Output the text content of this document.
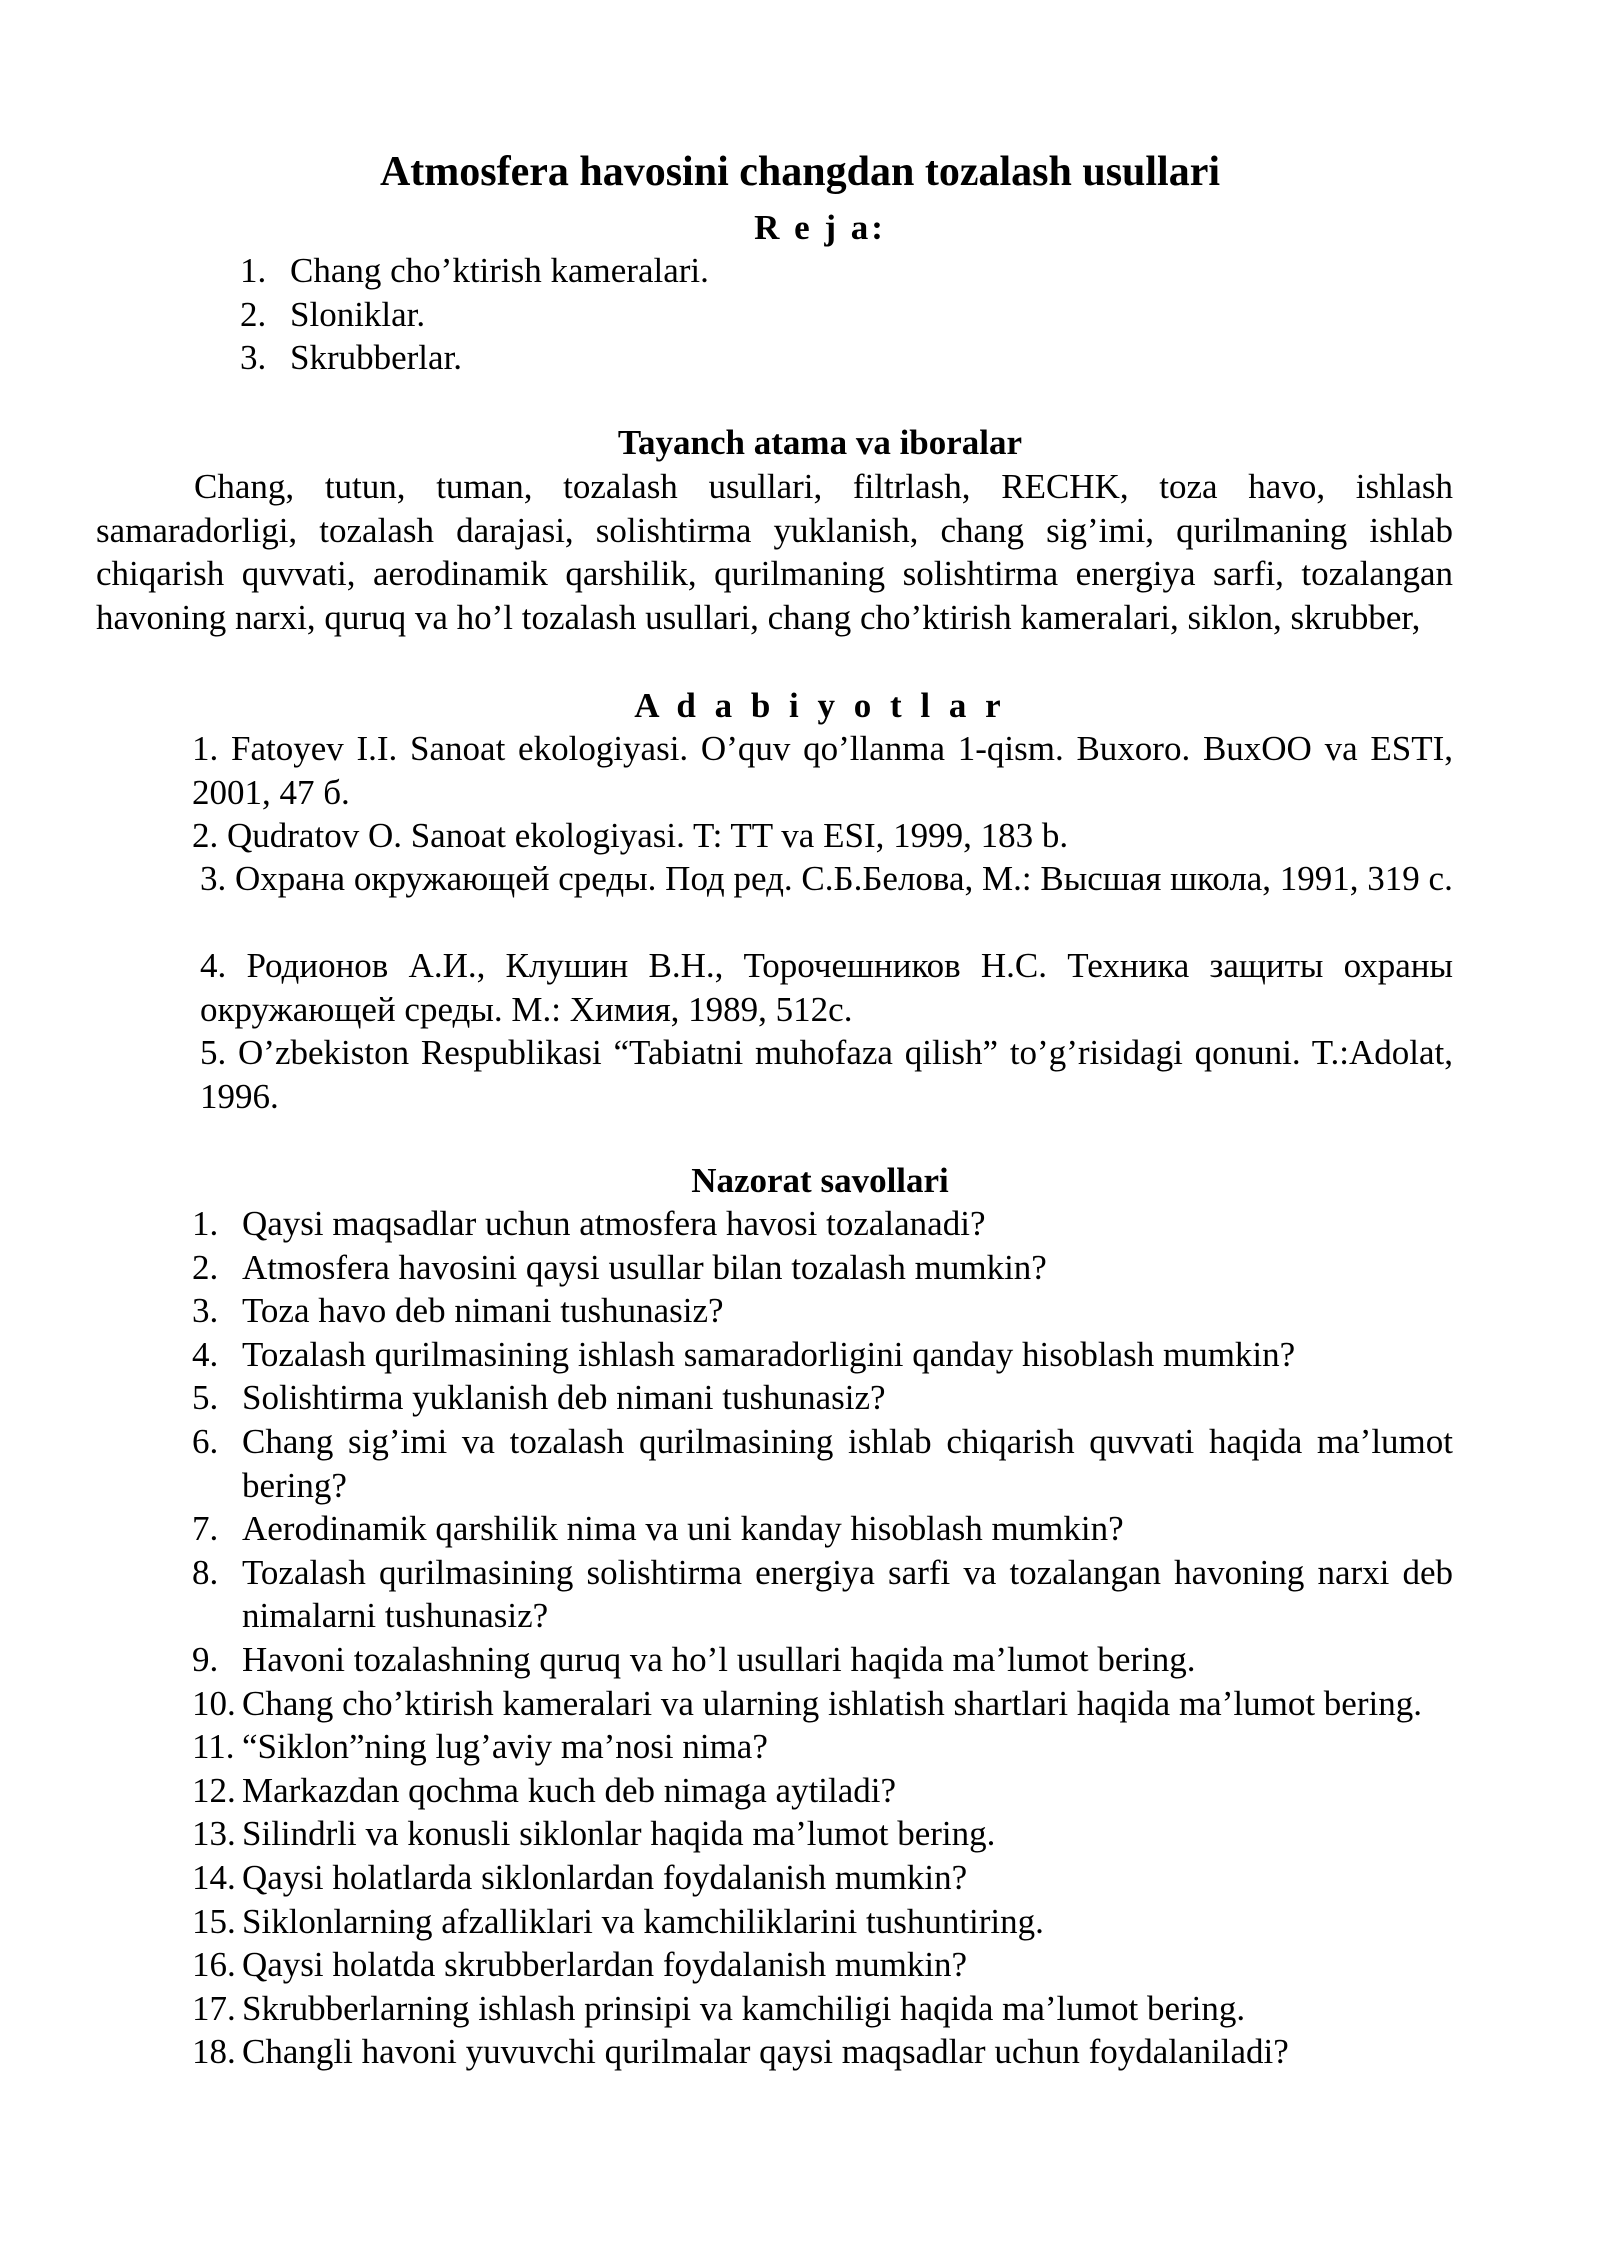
Atmosfera havosini changdan tozalash usullari
R e j a:
1. Chang cho’ktirish kameralari.
2. Sloniklar.
3. Skrubberlar.
Tayanch atama va iboralar
Chang, tutun, tuman, tozalash usullari, filtrlash, RECHK, toza havo, ishlash samaradorligi, tozalash darajasi, solishtirma yuklanish, chang sig’imi, qurilmaning ishlab chiqarish quvvati, aerodinamik qarshilik, qurilmaning solishtirma energiya sarfi, tozalangan havoning narxi, quruq va ho’l tozalash usullari, chang cho’ktirish kameralari, siklon, skrubber,
A d a b i y o t l a r
1. Fatoyev I.I. Sanoat ekologiyasi. O’quv qo’llanma 1-qism. Buxoro. BuxOO va ESTI, 2001, 47 б.
2. Qudratov O. Sanoat ekologiyasi. T: TT va ESI, 1999, 183 b.
3. Охрана окружающей среды. Под ред. С.Б.Белова, М.: Высшая школа, 1991, 319 с.
4. Родионов А.И., Клушин В.Н., Торочешников Н.С. Техника защиты охраны окружающей среды. М.: Химия, 1989, 512с.
5. O’zbekiston Respublikasi “Tabiatni muhofaza qilish” to’g’risidagi qonuni. T.:Adolat, 1996.
Nazorat savollari
1. Qaysi maqsadlar uchun atmosfera havosi tozalanadi?
2. Atmosfera havosini qaysi usullar bilan tozalash mumkin?
3. Toza havo deb nimani tushunasiz?
4. Tozalash qurilmasining ishlash samaradorligini qanday hisoblash mumkin?
5. Solishtirma yuklanish deb nimani tushunasiz?
6. Chang sig’imi va tozalash qurilmasining ishlab chiqarish quvvati haqida ma’lumot bering?
7. Aerodinamik qarshilik nima va uni kanday hisoblash mumkin?
8. Tozalash qurilmasining solishtirma energiya sarfi va tozalangan havoning narxi deb nimalarni tushunasiz?
9. Havoni tozalashning quruq va ho’l usullari haqida ma’lumot bering.
10. Chang cho’ktirish kameralari va ularning ishlatish shartlari haqida ma’lumot bering.
11. “Siklon”ning lug’aviy ma’nosi nima?
12. Markazdan qochma kuch deb nimaga aytiladi?
13. Silindrli va konusli siklonlar haqida ma’lumot bering.
14. Qaysi holatlarda siklonlardan foydalanish mumkin?
15. Siklonlarning afzalliklari va kamchiliklarini tushuntiring.
16. Qaysi holatda skrubberlardan foydalanish mumkin?
17. Skrubberlarning ishlash prinsipi va kamchiligi haqida ma’lumot bering.
18. Changli havoni yuvuvchi qurilmalar qaysi maqsadlar uchun foydalaniladi?
